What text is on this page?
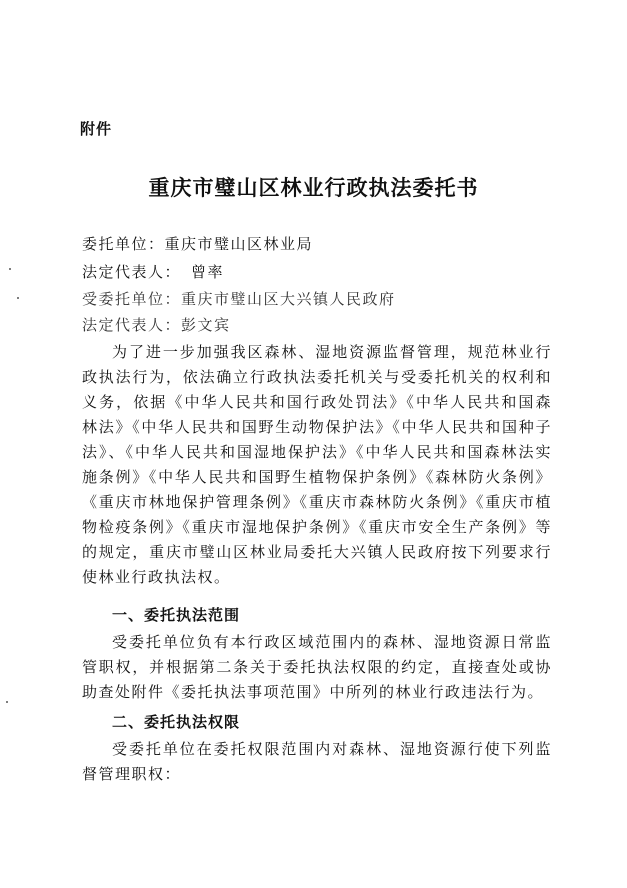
附件
重庆市璧山区林业行政执法委托书
委托单位：重庆市璧山区林业局
法定代表人： 曾率
受委托单位：重庆市璧山区大兴镇人民政府
法定代表人：彭文宾

为了进一步加强我区森林、湿地资源监督管理，规范林业行政执法行为，依法确立行政执法委托机关与受委托机关的权利和义务，依据《中华人民共和国行政处罚法》《中华人民共和国森林法》《中华人民共和国野生动物保护法》《中华人民共和国种子法》、《中华人民共和国湿地保护法》《中华人民共和国森林法实施条例》《中华人民共和国野生植物保护条例》《森林防火条例》《重庆市林地保护管理条例》《重庆市森林防火条例》《重庆市植物检疫条例》《重庆市湿地保护条例》《重庆市安全生产条例》等的规定，重庆市璧山区林业局委托大兴镇人民政府按下列要求行使林业行政执法权。

一、委托执法范围

受委托单位负有本行政区域范围内的森林、湿地资源日常监管职权，并根据第二条关于委托执法权限的约定，直接查处或协助查处附件《委托执法事项范围》中所列的林业行政违法行为。

二、委托执法权限

受委托单位在委托权限范围内对森林、湿地资源行使下列监督管理职权：
